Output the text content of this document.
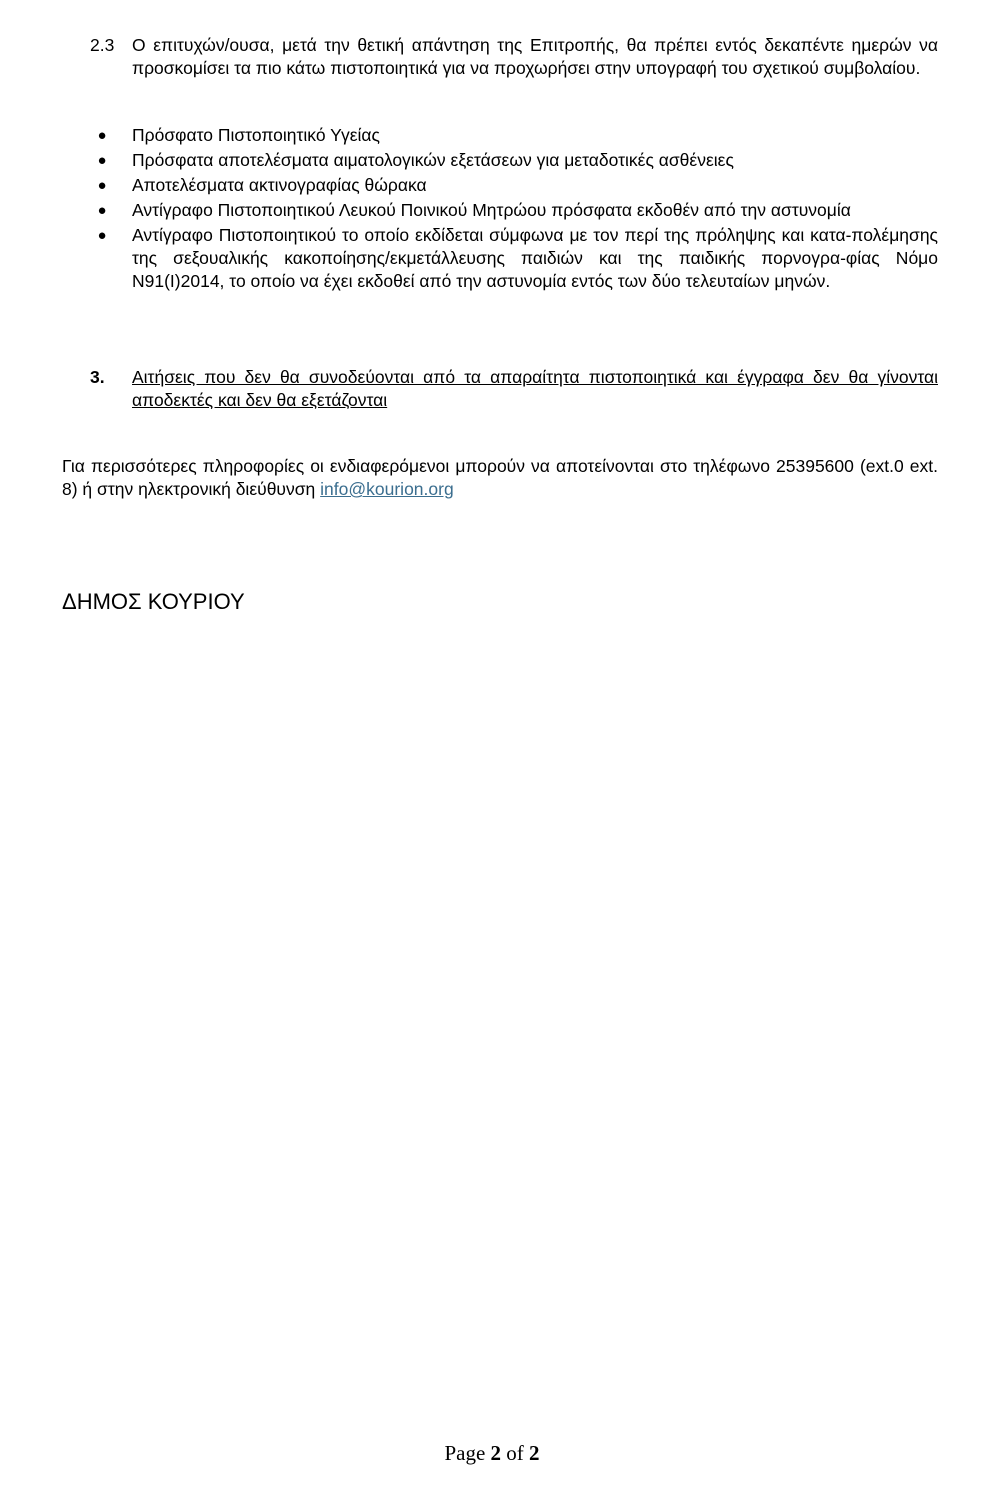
2.3	Ο επιτυχών/ουσα, μετά την θετική απάντηση της Επιτροπής, θα πρέπει εντός δεκαπέντε ημερών να προσκομίσει τα πιο κάτω πιστοποιητικά για να προχωρήσει στην υπογραφή του σχετικού συμβολαίου.
● Πρόσφατο Πιστοποιητικό Υγείας
● Πρόσφατα αποτελέσματα αιματολογικών εξετάσεων για μεταδοτικές ασθένειες
● Αποτελέσματα ακτινογραφίας θώρακα
● Αντίγραφο Πιστοποιητικού Λευκού Ποινικού Μητρώου πρόσφατα εκδοθέν από την αστυνομία
● Αντίγραφο Πιστοποιητικού το οποίο εκδίδεται σύμφωνα με τον περί της πρόληψης και κατα-πολέμησης της σεξουαλικής κακοποίησης/εκμετάλλευσης παιδιών και της παιδικής πορνογρα-φίας Νόμο Ν91(Ι)2014, το οποίο να έχει εκδοθεί από την αστυνομία εντός των δύο τελευταίων μηνών.
3. Αιτήσεις που δεν θα συνοδεύονται από τα απαραίτητα πιστοποιητικά και έγγραφα δεν θα γίνονται αποδεκτές και δεν θα εξετάζονται
Για περισσότερες πληροφορίες οι ενδιαφερόμενοι μπορούν να αποτείνονται στο τηλέφωνο 25395600 (ext.0 ext. 8) ή στην ηλεκτρονική διεύθυνση info@kourion.org
ΔΗΜΟΣ ΚΟΥΡΙΟΥ
Page 2 of 2
